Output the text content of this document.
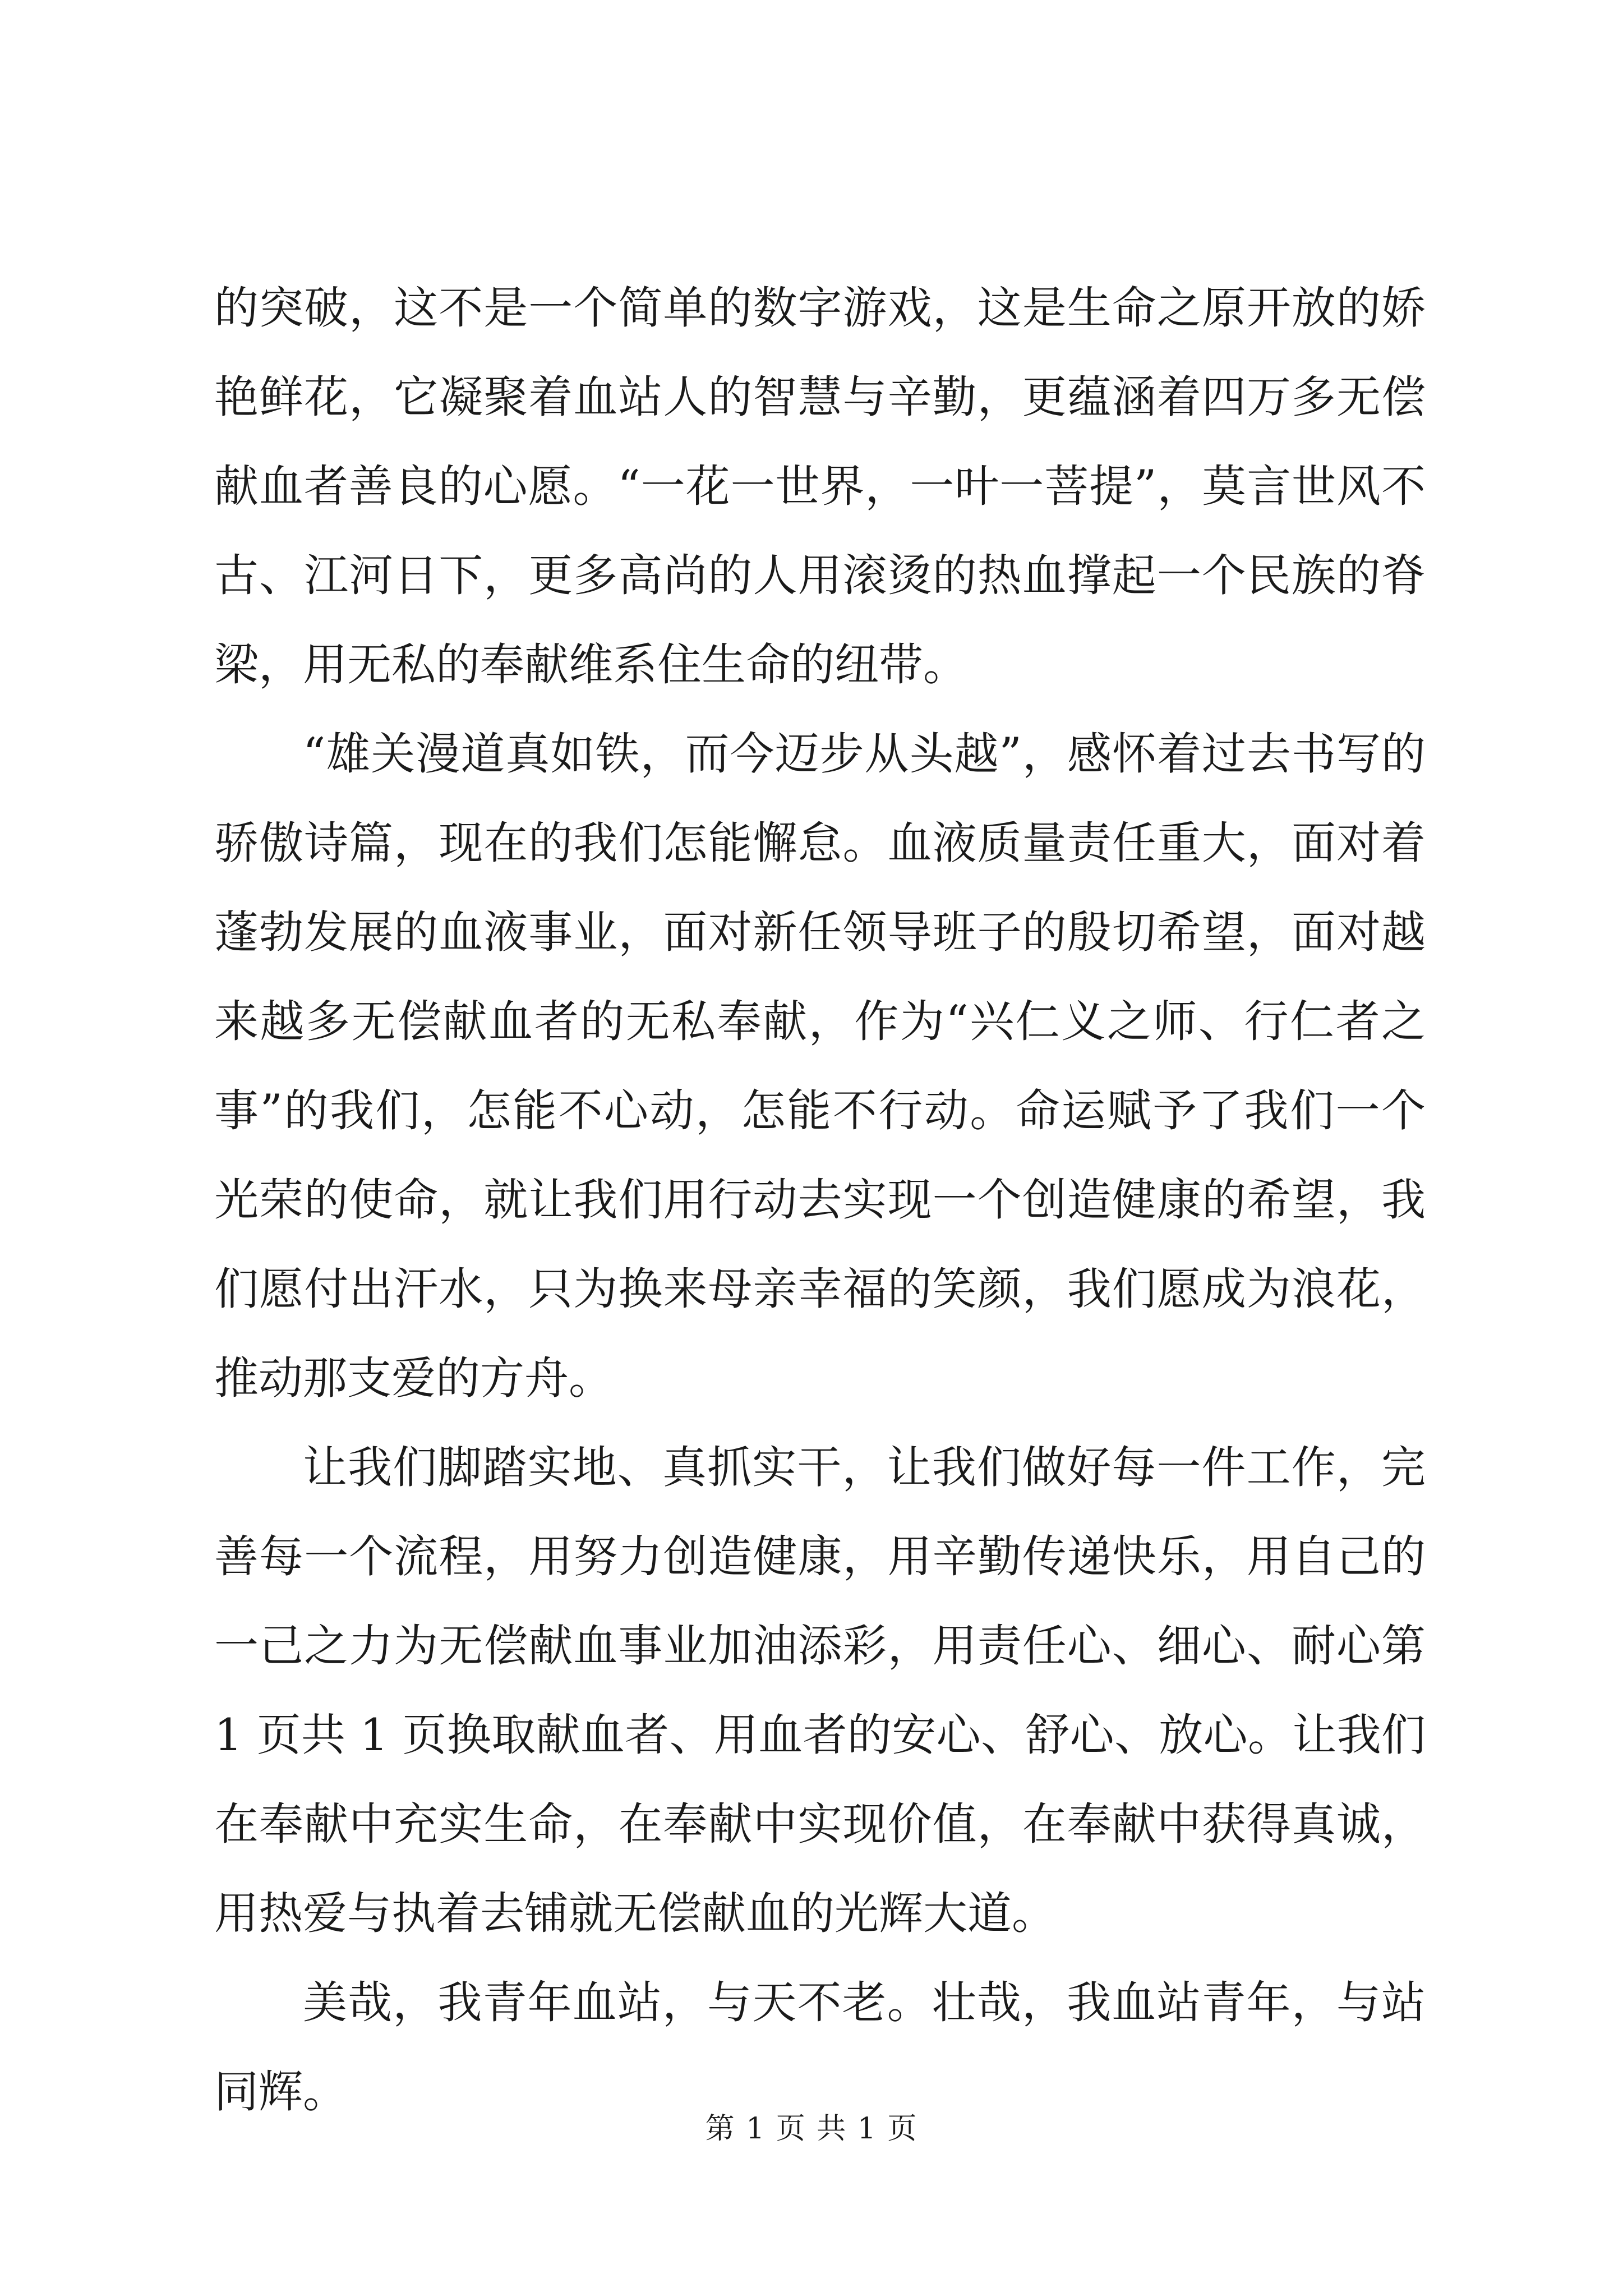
的突破，这不是一个简单的数字游戏，这是生命之原开放的娇艳鲜花，它凝聚着血站人的智慧与辛勤，更蕴涵着四万多无偿献血者善良的心愿。“一花一世界，一叶一菩提”，莫言世风不古、江河日下，更多高尚的人用滚烫的热血撑起一个民族的脊梁，用无私的奉献维系住生命的纽带。

“雄关漫道真如铁，而今迈步从头越”，感怀着过去书写的骄傲诗篇，现在的我们怎能懈怠。血液质量责任重大，面对着蓬勃发展的血液事业，面对新任领导班子的殷切希望，面对越来越多无偿献血者的无私奉献，作为“兴仁义之师、行仁者之事”的我们，怎能不心动，怎能不行动。命运赋予了我们一个光荣的使命，就让我们用行动去实现一个创造健康的希望，我们愿付出汗水，只为换来母亲幸福的笑颜，我们愿成为浪花，推动那支爱的方舟。

让我们脚踏实地、真抓实干，让我们做好每一件工作，完善每一个流程，用努力创造健康，用辛勤传递快乐，用自己的一己之力为无偿献血事业加油添彩，用责任心、细心、耐心第 1 页共 1 页换取献血者、用血者的安心、舒心、放心。让我们在奉献中充实生命，在奉献中实现价值，在奉献中获得真诚，用热爱与执着去铺就无偿献血的光辉大道。

美哉，我青年血站，与天不老。壮哉，我血站青年，与站同辉。

第 1 页 共 1 页
